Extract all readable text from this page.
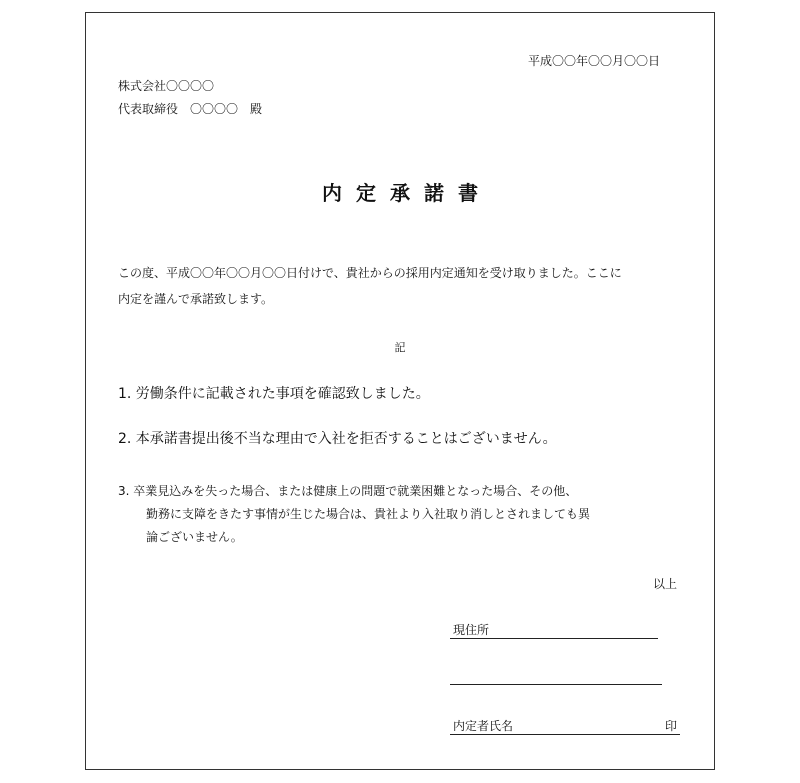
平成〇〇年〇〇月〇〇日
株式会社〇〇〇〇
代表取締役　〇〇〇〇　殿
内定承諾書
この度、平成〇〇年〇〇月〇〇日付けで、貴社からの採用内定通知を受け取りました。ここに
内定を謹んで承諾致します。
記
1. 労働条件に記載された事項を確認致しました。
2. 本承諾書提出後不当な理由で入社を拒否することはございません。
3. 卒業見込みを失った場合、または健康上の問題で就業困難となった場合、その他、
勤務に支障をきたす事情が生じた場合は、貴社より入社取り消しとされましても異
論ございません。
以上
現住所
内定者氏名	印
